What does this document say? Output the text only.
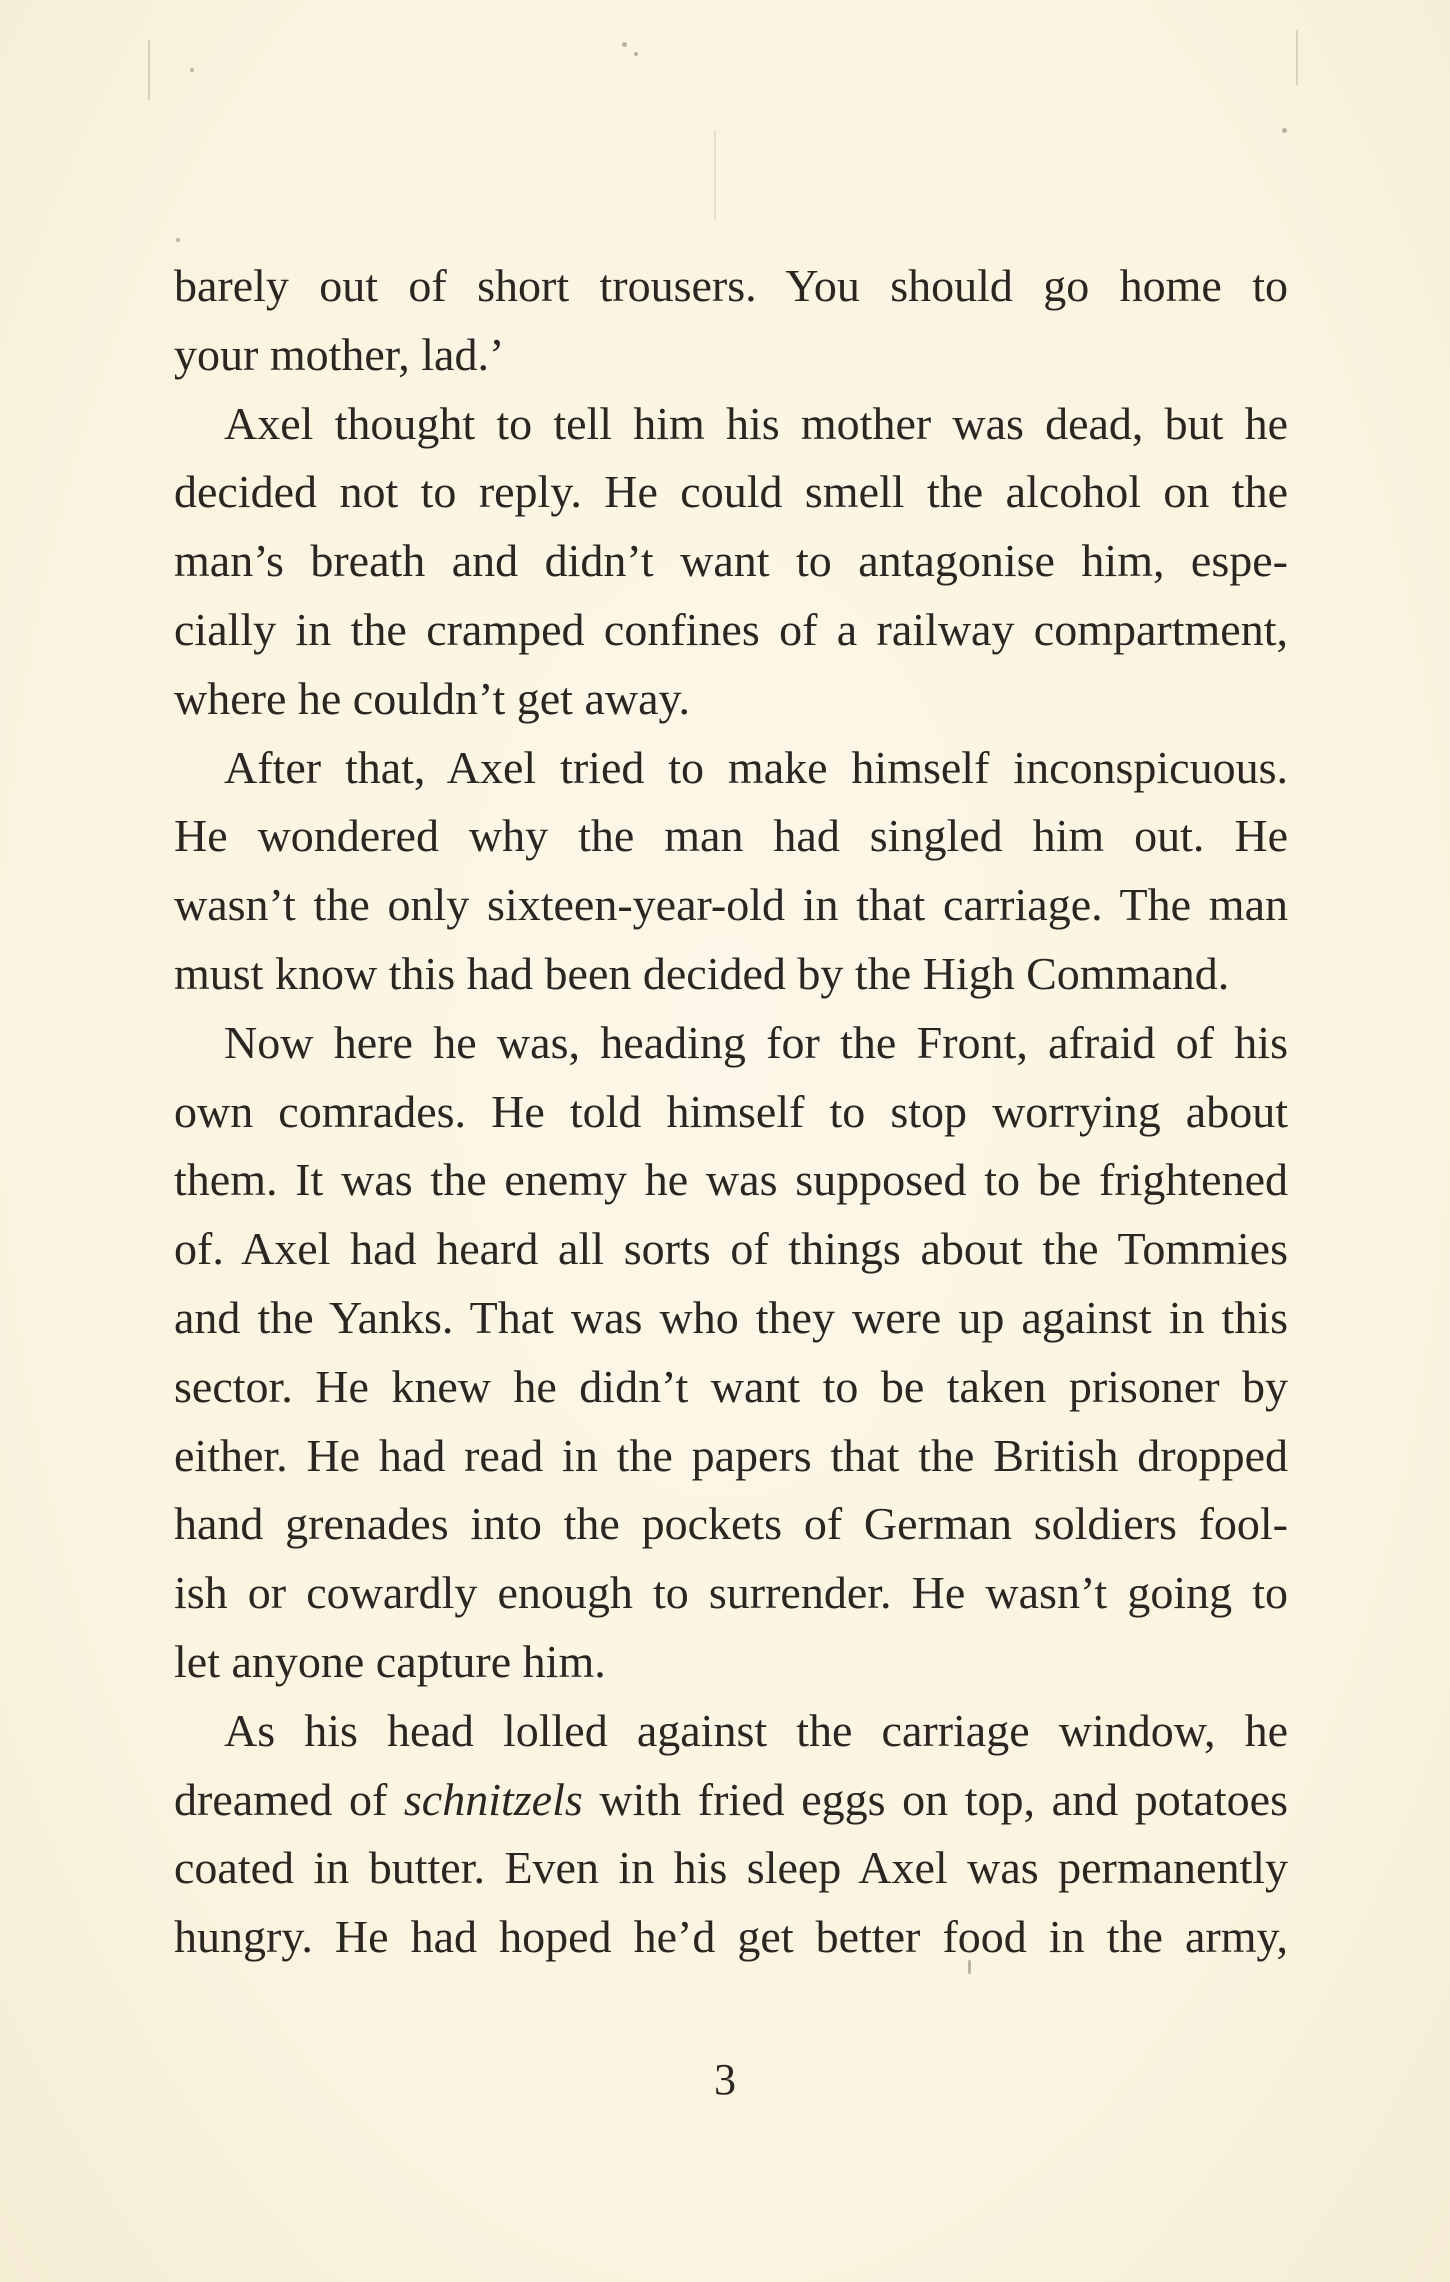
barely out of short trousers. You should go home to
your mother, lad.’
Axel thought to tell him his mother was dead, but he
decided not to reply. He could smell the alcohol on the
man’s breath and didn’t want to antagonise him, espe-
cially in the cramped confines of a railway compartment,
where he couldn’t get away.
After that, Axel tried to make himself inconspicuous.
He wondered why the man had singled him out. He
wasn’t the only sixteen-year-old in that carriage. The man
must know this had been decided by the High Command.
Now here he was, heading for the Front, afraid of his
own comrades. He told himself to stop worrying about
them. It was the enemy he was supposed to be frightened
of. Axel had heard all sorts of things about the Tommies
and the Yanks. That was who they were up against in this
sector. He knew he didn’t want to be taken prisoner by
either. He had read in the papers that the British dropped
hand grenades into the pockets of German soldiers fool-
ish or cowardly enough to surrender. He wasn’t going to
let anyone capture him.
As his head lolled against the carriage window, he
dreamed of schnitzels with fried eggs on top, and potatoes
coated in butter. Even in his sleep Axel was permanently
hungry. He had hoped he’d get better food in the army,
3
